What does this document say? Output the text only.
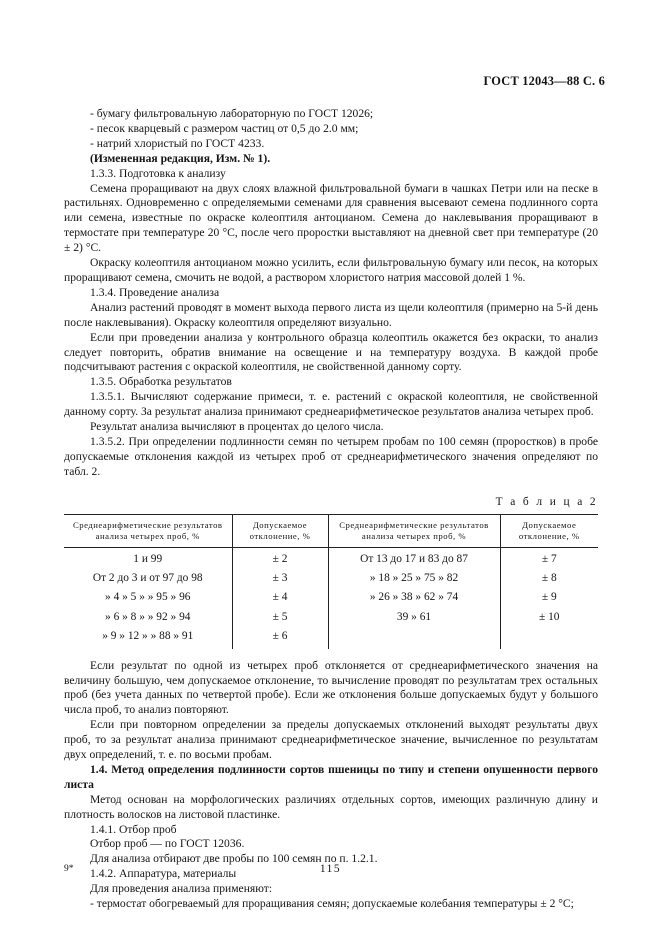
ГОСТ 12043—88 С. 6

- бумагу фильтровальную лабораторную по ГОСТ 12026;

- песок кварцевый с размером частиц от 0,5 до 2.0 мм;

- натрий хлористый по ГОСТ 4233.

(Измененная редакция, Изм. № 1).

1.3.3. Подготовка к анализу

Семена проращивают на двух слоях влажной фильтровальной бумаги в чашках Петри или на песке в растильнях. Одновременно с определяемыми семенами для сравнения высевают семена подлинного сорта или семена, известные по окраске колеоптиля антоцианом. Семена до наклевывания проращивают в термостате при температуре 20 °С, после чего проростки выставляют на дневной свет при температуре (20 ± 2) °С.

Окраску колеоптиля антоцианом можно усилить, если фильтровальную бумагу или песок, на которых проращивают семена, смочить не водой, а раствором хлористого натрия массовой долей 1 %.

1.3.4. Проведение анализа

Анализ растений проводят в момент выхода первого листа из щели колеоптиля (примерно на 5-й день после наклевывания). Окраску колеоптиля определяют визуально.

Если при проведении анализа у контрольного образца колеоптиль окажется без окраски, то анализ следует повторить, обратив внимание на освещение и на температуру воздуха. В каждой пробе подсчитывают растения с окраской колеоптиля, не свойственной данному сорту.

1.3.5. Обработка результатов

1.3.5.1. Вычисляют содержание примеси, т. е. растений с окраской колеоптиля, не свойственной данному сорту. За результат анализа принимают среднеарифметическое результатов анализа четырех проб.

Результат анализа вычисляют в процентах до целого числа.

1.3.5.2. При определении подлинности семян по четырем пробам по 100 семян (проростков) в пробе допускаемые отклонения каждой из четырех проб от среднеарифметического значения определяют по табл. 2.

Т а б л и ц а 2
Среднеарифметические результатов анализа четырех проб, %	Допускаемое отклонение, %	Среднеарифметические результатов анализа четырех проб, %	Допускаемое отклонение, %
1 и 99	± 2	От 13 до 17 и 83 до 87	± 7
От 2 до 3 и от 97 до 98	± 3	» 18 » 25 » 75 » 82	± 8
» 4 » 5 » » 95 » 96	± 4	» 26 » 38 » 62 » 74	± 9
» 6 » 8 » » 92 » 94	± 5	39 » 61	± 10
» 9 » 12 » » 88 » 91	± 6		

Если результат по одной из четырех проб отклоняется от среднеарифметического значения на величину большую, чем допускаемое отклонение, то вычисление проводят по результатам трех остальных проб (без учета данных по четвертой пробе). Если же отклонения больше допускаемых будут у большого числа проб, то анализ повторяют.

Если при повторном определении за пределы допускаемых отклонений выходят результаты двух проб, то за результат анализа принимают среднеарифметическое значение, вычисленное по результатам двух определений, т. е. по восьми пробам.

1.4. Метод определения подлинности сортов пшеницы по типу и степени опушенности первого листа

Метод основан на морфологических различиях отдельных сортов, имеющих различную длину и плотность волосков на листовой пластинке.

1.4.1. Отбор проб

Отбор проб — по ГОСТ 12036.

Для анализа отбирают две пробы по 100 семян по п. 1.2.1.

1.4.2. Аппаратура, материалы

Для проведения анализа применяют:

- термостат обогреваемый для проращивания семян; допускаемые колебания температуры ± 2 °С;

9*	115
